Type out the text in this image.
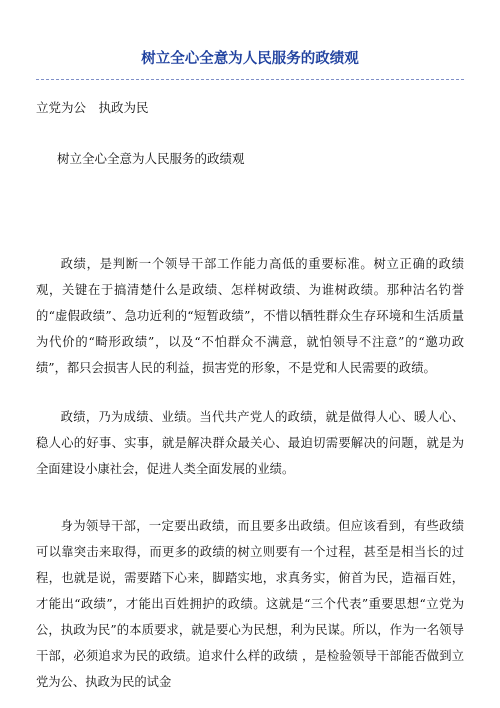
树立全心全意为人民服务的政绩观
立党为公　执政为民
树立全心全意为人民服务的政绩观

政绩，是判断一个领导干部工作能力高低的重要标准。树立正确的政绩观，关键在于搞清楚什么是政绩、怎样树政绩、为谁树政绩。那种沽名钓誉的“虚假政绩”、急功近利的“短暂政绩”，不惜以牺牲群众生存环境和生活质量为代价的“畸形政绩”，以及“不怕群众不满意，就怕领导不注意”的“邀功政绩”，都只会损害人民的利益，损害党的形象，不是党和人民需要的政绩。

政绩，乃为成绩、业绩。当代共产党人的政绩，就是做得人心、暖人心、稳人心的好事、实事，就是解决群众最关心、最迫切需要解决的问题，就是为全面建设小康社会，促进人类全面发展的业绩。

身为领导干部，一定要出政绩，而且要多出政绩。但应该看到，有些政绩可以靠突击来取得，而更多的政绩的树立则要有一个过程，甚至是相当长的过程，也就是说，需要踏下心来，脚踏实地，求真务实，俯首为民，造福百姓，才能出“政绩”，才能出百姓拥护的政绩。这就是“三个代表”重要思想“立党为公，执政为民”的本质要求，就是要心为民想，利为民谋。所以，作为一名领导干部，必须追求为民的政绩。追求什么样的政绩 ，是检验领导干部能否做到立党为公、执政为民的试金
